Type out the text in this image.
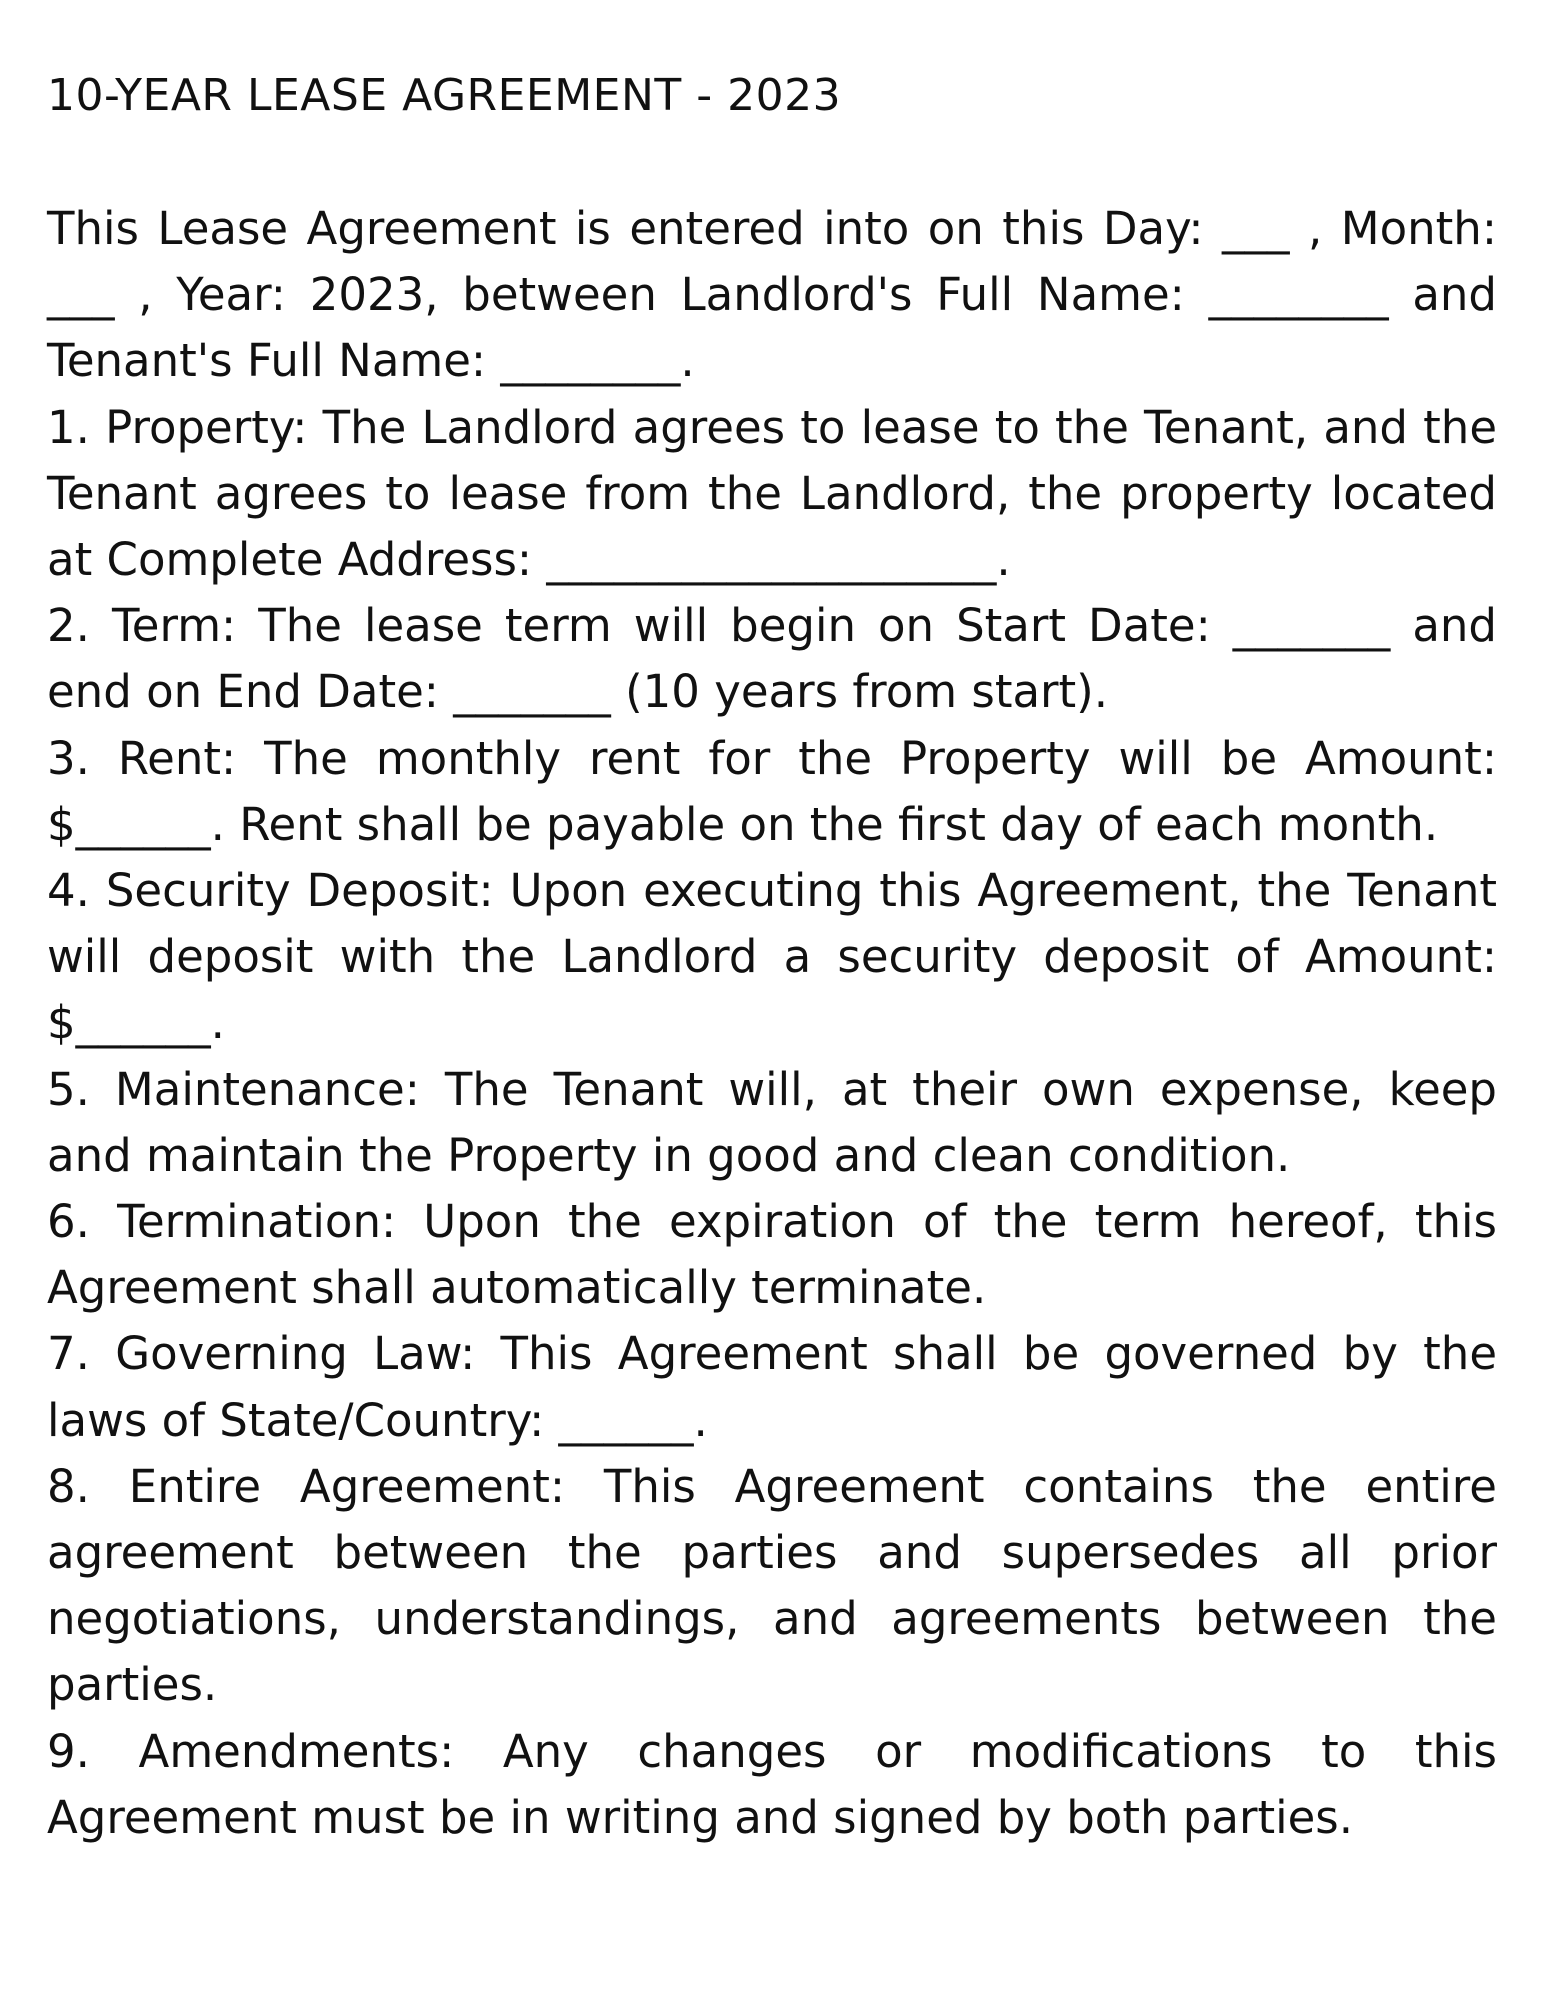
10-YEAR LEASE AGREEMENT - 2023

This Lease Agreement is entered into on this Day: ___ , Month: ___ , Year: 2023, between Landlord's Full Name: ________ and Tenant's Full Name: ________.

1. Property: The Landlord agrees to lease to the Tenant, and the Tenant agrees to lease from the Landlord, the property located at Complete Address: ____________________.

2. Term: The lease term will begin on Start Date: _______ and end on End Date: _______ (10 years from start).

3. Rent: The monthly rent for the Property will be Amount: $______. Rent shall be payable on the first day of each month.

4. Security Deposit: Upon executing this Agreement, the Tenant will deposit with the Landlord a security deposit of Amount: $______.

5. Maintenance: The Tenant will, at their own expense, keep and maintain the Property in good and clean condition.

6. Termination: Upon the expiration of the term hereof, this Agreement shall automatically terminate.

7. Governing Law: This Agreement shall be governed by the laws of State/Country: ______.

8. Entire Agreement: This Agreement contains the entire agreement between the parties and supersedes all prior negotiations, understandings, and agreements between the parties.

9. Amendments: Any changes or modifications to this Agreement must be in writing and signed by both parties.
